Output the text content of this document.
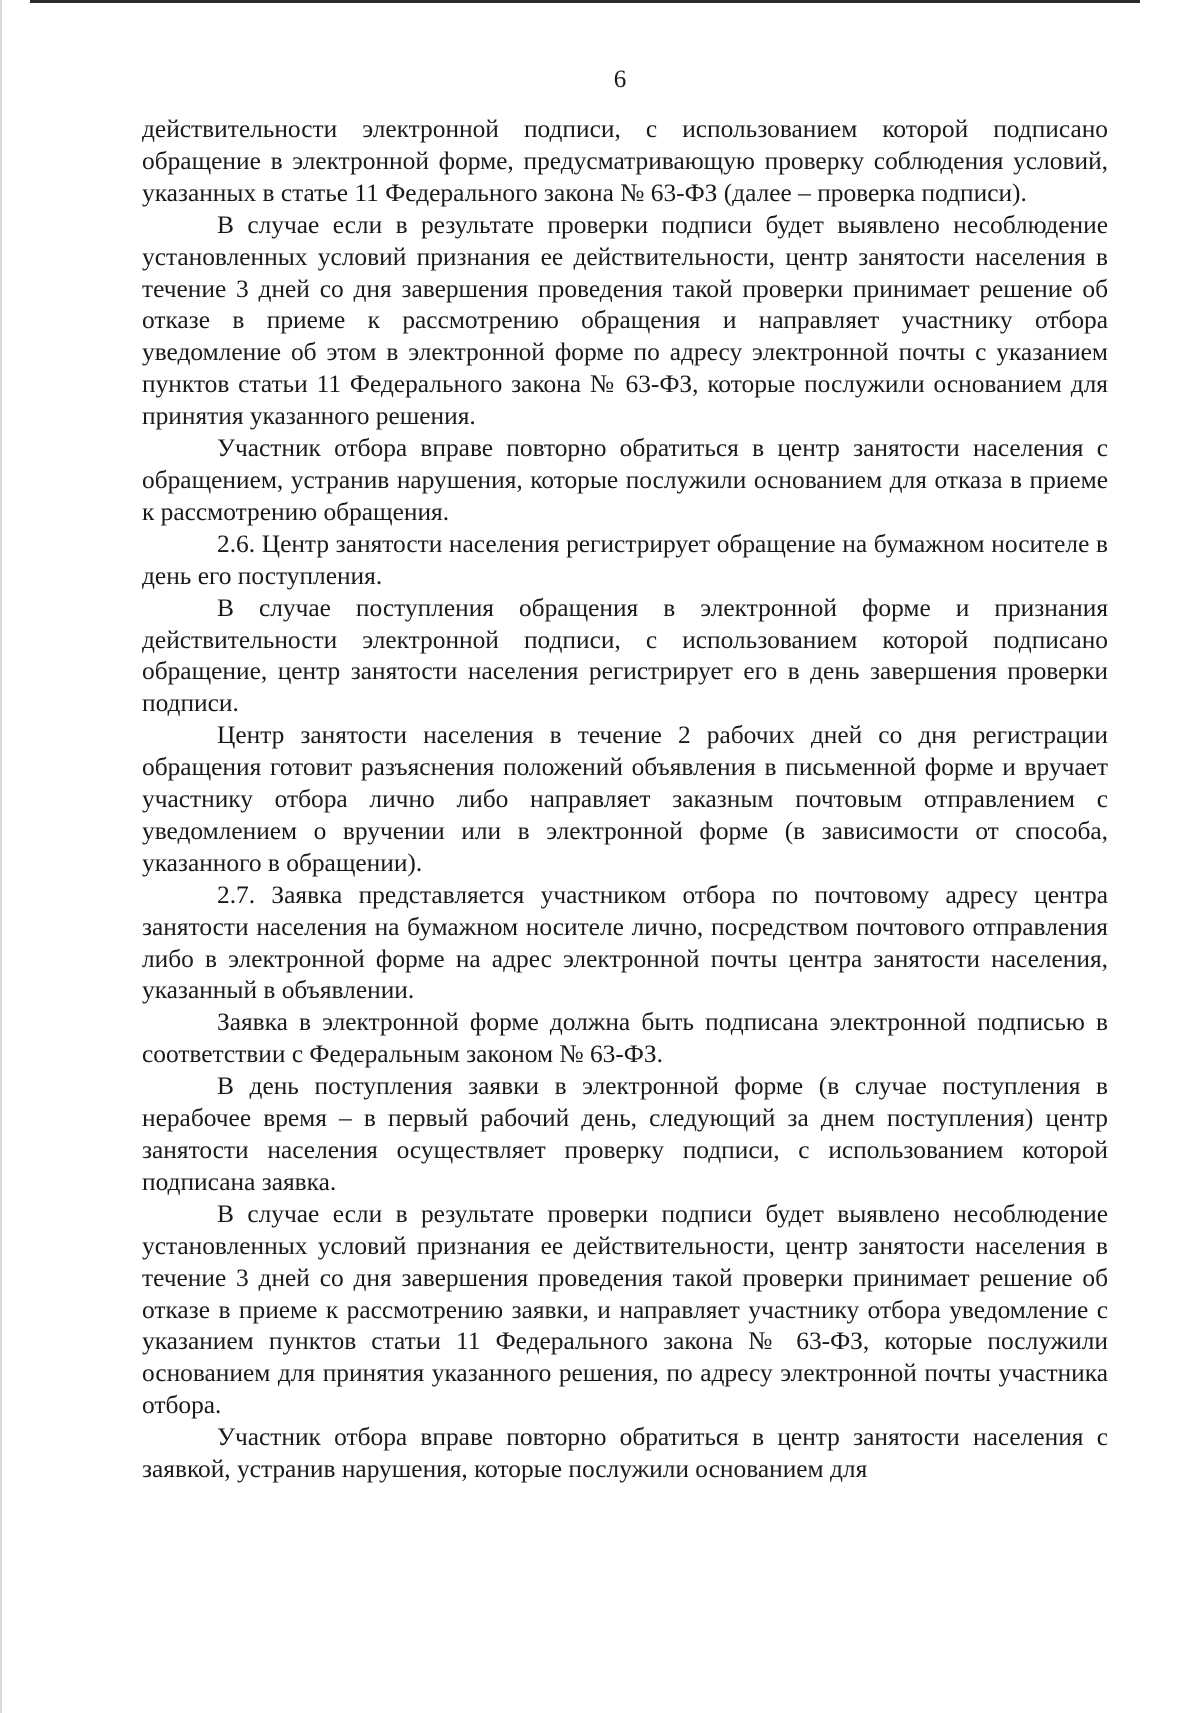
6

действительности электронной подписи, с использованием которой подписано обращение в электронной форме, предусматривающую проверку соблюдения условий, указанных в статье 11 Федерального закона № 63-ФЗ (далее – проверка подписи).

В случае если в результате проверки подписи будет выявлено несоблюдение установленных условий признания ее действительности, центр занятости населения в течение 3 дней со дня завершения проведения такой проверки принимает решение об отказе в приеме к рассмотрению обращения и направляет участнику отбора уведомление об этом в электронной форме по адресу электронной почты с указанием пунктов статьи 11 Федерального закона № 63-ФЗ, которые послужили основанием для принятия указанного решения.

Участник отбора вправе повторно обратиться в центр занятости населения с обращением, устранив нарушения, которые послужили основанием для отказа в приеме к рассмотрению обращения.

2.6. Центр занятости населения регистрирует обращение на бумажном носителе в день его поступления.

В случае поступления обращения в электронной форме и признания действительности электронной подписи, с использованием которой подписано обращение, центр занятости населения регистрирует его в день завершения проверки подписи.

Центр занятости населения в течение 2 рабочих дней со дня регистрации обращения готовит разъяснения положений объявления в письменной форме и вручает участнику отбора лично либо направляет заказным почтовым отправлением с уведомлением о вручении или в электронной форме (в зависимости от способа, указанного в обращении).

2.7. Заявка представляется участником отбора по почтовому адресу центра занятости населения на бумажном носителе лично, посредством почтового отправления либо в электронной форме на адрес электронной почты центра занятости населения, указанный в объявлении.

Заявка в электронной форме должна быть подписана электронной подписью в соответствии с Федеральным законом № 63-ФЗ.

В день поступления заявки в электронной форме (в случае поступления в нерабочее время – в первый рабочий день, следующий за днем поступления) центр занятости населения осуществляет проверку подписи, с использованием которой подписана заявка.

В случае если в результате проверки подписи будет выявлено несоблюдение установленных условий признания ее действительности, центр занятости населения в течение 3 дней со дня завершения проведения такой проверки принимает решение об отказе в приеме к рассмотрению заявки, и направляет участнику отбора уведомление с указанием пунктов статьи 11 Федерального закона № 63-ФЗ, которые послужили основанием для принятия указанного решения, по адресу электронной почты участника отбора.

Участник отбора вправе повторно обратиться в центр занятости населения с заявкой, устранив нарушения, которые послужили основанием для
